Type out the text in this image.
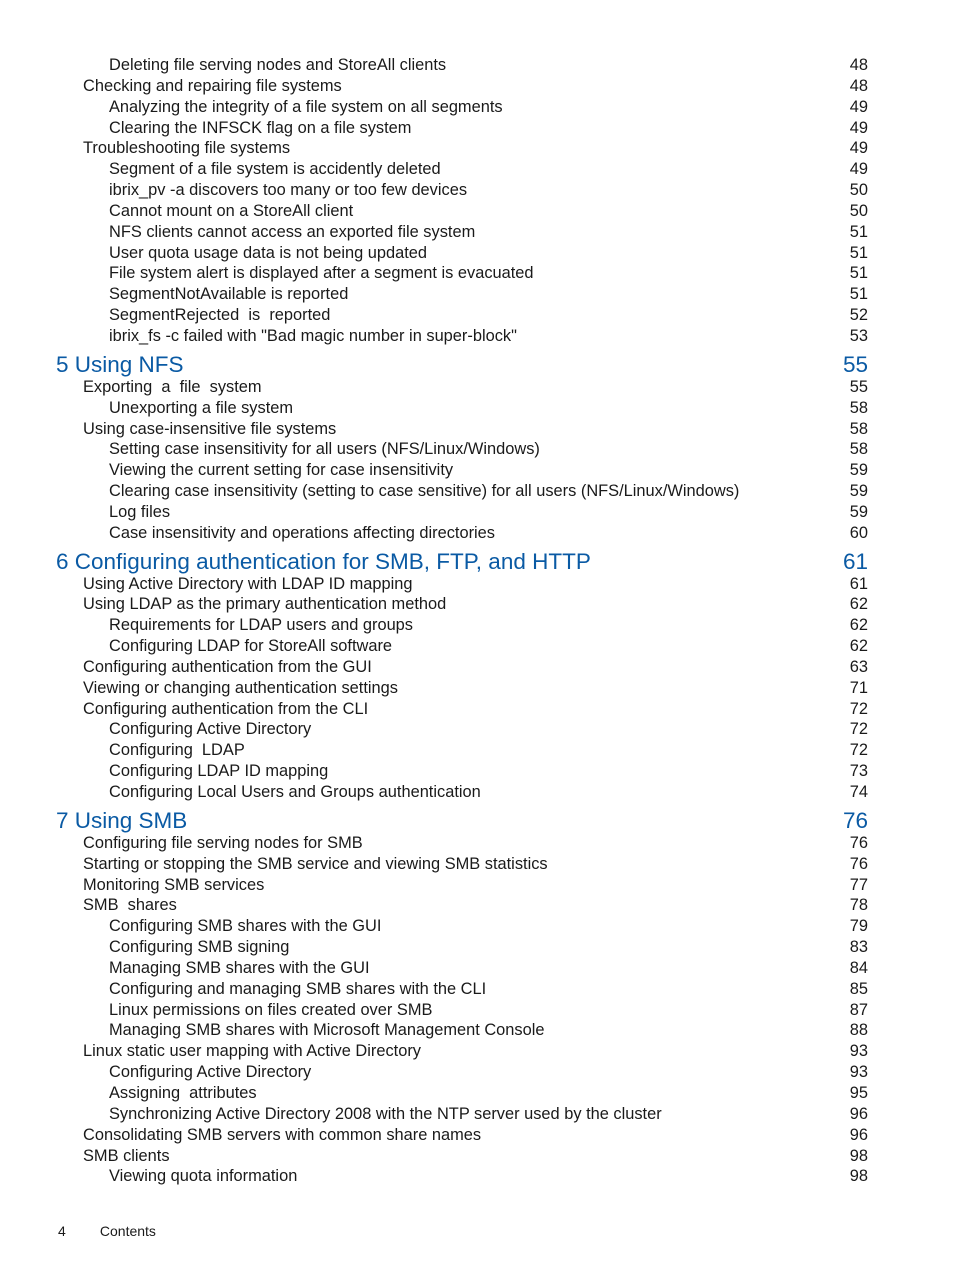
Deleting file serving nodes and StoreAll clients	48
Checking and repairing file systems	48
Analyzing the integrity of a file system on all segments	49
Clearing the INFSCK flag on a file system	49
Troubleshooting file systems	49
Segment of a file system is accidently deleted	49
ibrix_pv -a discovers too many or too few devices	50
Cannot mount on a StoreAll client	50
NFS clients cannot access an exported file system	51
User quota usage data is not being updated	51
File system alert is displayed after a segment is evacuated	51
SegmentNotAvailable is reported	51
SegmentRejected  is  reported	52
ibrix_fs -c failed with "Bad magic number in super-block"	53
5 Using NFS	55
Exporting  a  file  system	55
Unexporting a file system	58
Using case-insensitive file systems	58
Setting case insensitivity for all users (NFS/Linux/Windows)	58
Viewing the current setting for case insensitivity	59
Clearing case insensitivity (setting to case sensitive) for all users (NFS/Linux/Windows)	59
Log files	59
Case insensitivity and operations affecting directories	60
6 Configuring authentication for SMB, FTP, and HTTP	61
Using Active Directory with LDAP ID mapping	61
Using LDAP as the primary authentication method	62
Requirements for LDAP users and groups	62
Configuring LDAP for StoreAll software	62
Configuring authentication from the GUI	63
Viewing or changing authentication settings	71
Configuring authentication from the CLI	72
Configuring Active Directory	72
Configuring  LDAP	72
Configuring LDAP ID mapping	73
Configuring Local Users and Groups authentication	74
7 Using SMB	76
Configuring file serving nodes for SMB	76
Starting or stopping the SMB service and viewing SMB statistics	76
Monitoring SMB services	77
SMB  shares	78
Configuring SMB shares with the GUI	79
Configuring SMB signing	83
Managing SMB shares with the GUI	84
Configuring and managing SMB shares with the CLI	85
Linux permissions on files created over SMB	87
Managing SMB shares with Microsoft Management Console	88
Linux static user mapping with Active Directory	93
Configuring Active Directory	93
Assigning  attributes	95
Synchronizing Active Directory 2008 with the NTP server used by the cluster	96
Consolidating SMB servers with common share names	96
SMB clients	98
Viewing quota information	98
4 Contents
